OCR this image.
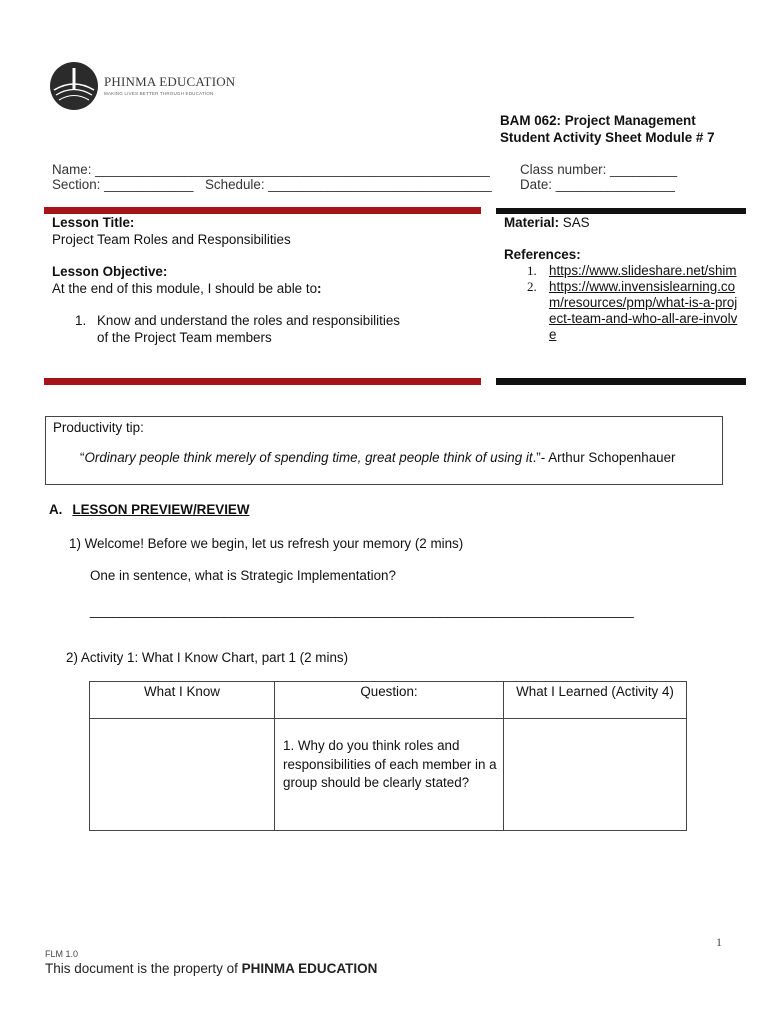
PHINMA EDUCATION
MAKING LIVES BETTER THROUGH EDUCATION
BAM 062: Project Management
Student Activity Sheet Module # 7
Name: _____________________________________________________ Class number: _________
Section: ____________ Schedule: ______________________________ Date: ________________
Lesson Title:
Project Team Roles and Responsibilities
Lesson Objective:
At the end of this module, I should be able to:
1. Know and understand the roles and responsibilities
of the Project Team members
Material: SAS
References:
1. https://www.slideshare.net/shim
2. https://www.invensislearning.com/resources/pmp/what-is-a-project-team-and-who-all-are-involve
Productivity tip:
“Ordinary people think merely of spending time, great people think of using it.”- Arthur Schopenhauer
A. LESSON PREVIEW/REVIEW
1) Welcome! Before we begin, let us refresh your memory (2 mins)
One in sentence, what is Strategic Implementation?
_________________________________________________________________________
2) Activity 1: What I Know Chart, part 1 (2 mins)
What I Know	Question:	What I Learned (Activity 4)
	1. Why do you think roles and responsibilities of each member in a group should be clearly stated?	
1
FLM 1.0
This document is the property of PHINMA EDUCATION
